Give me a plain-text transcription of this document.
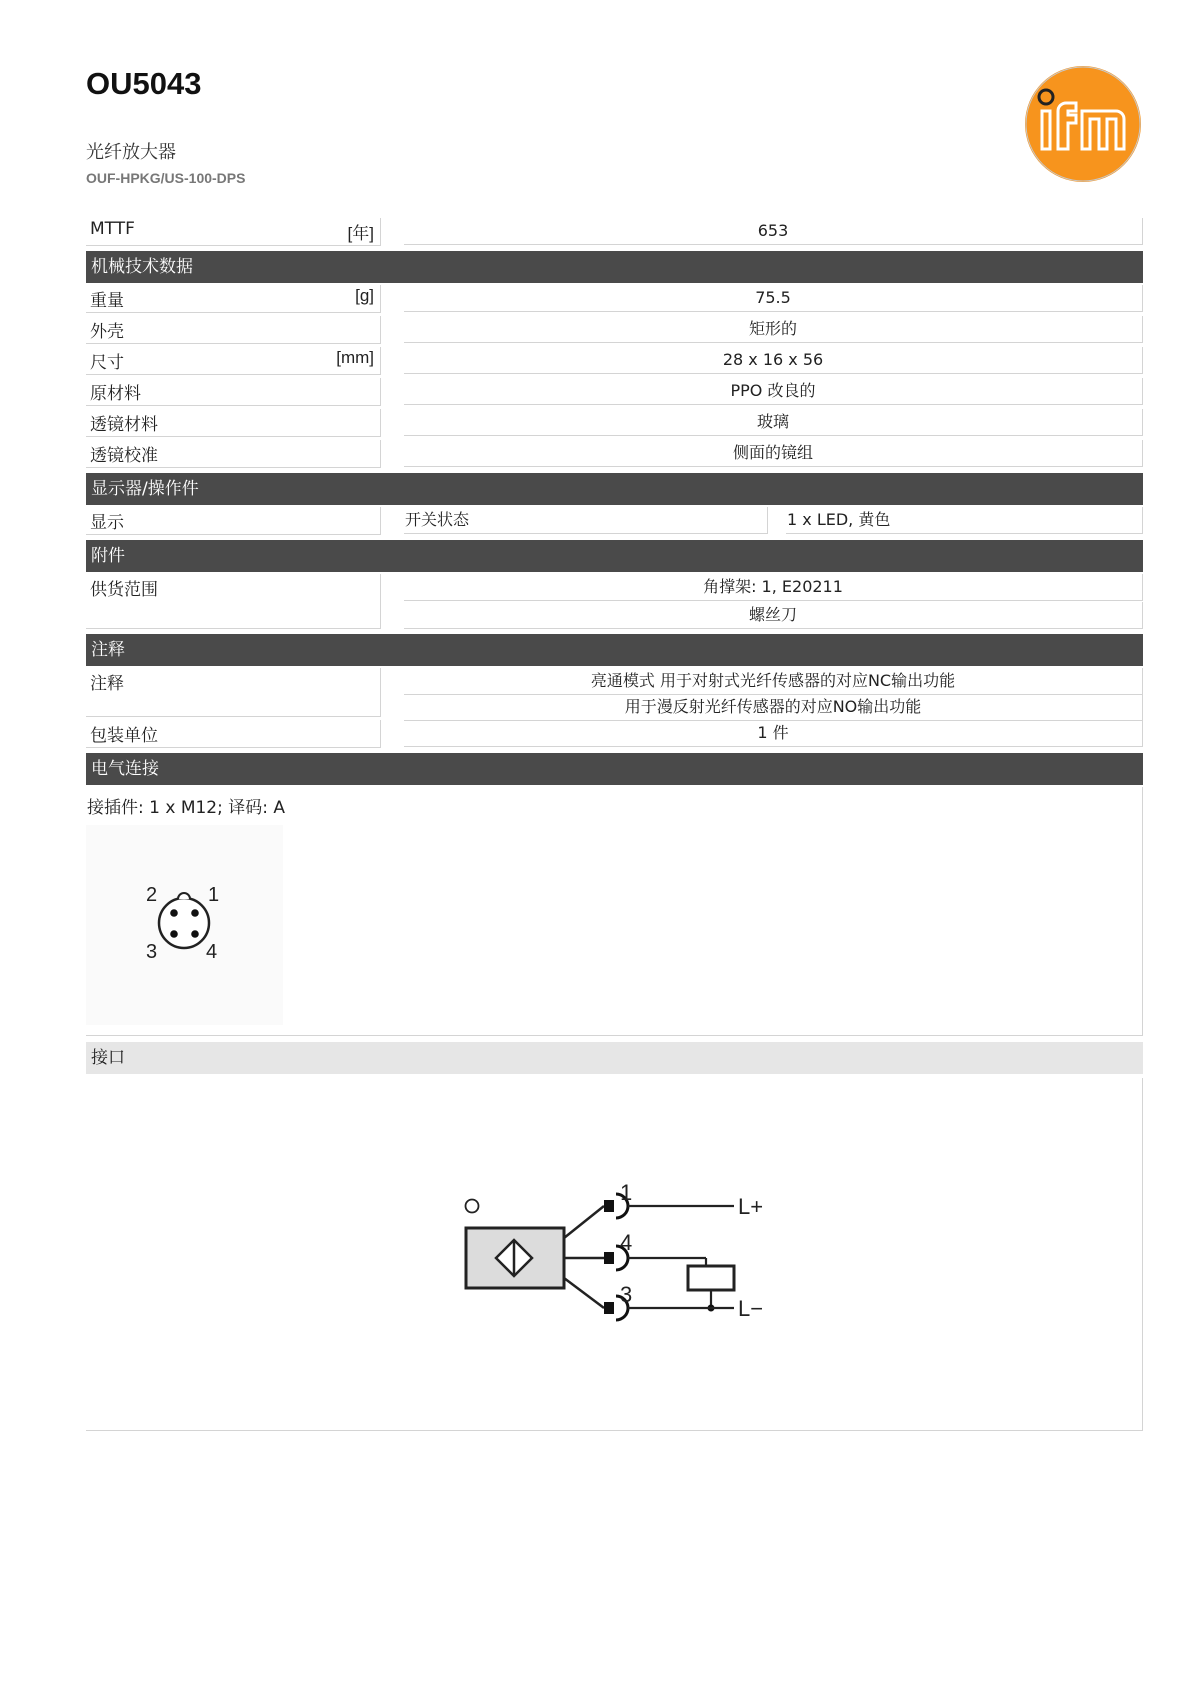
OU5043
光纤放大器
OUF-HPKG/US-100-DPS
MTTF	[年]	653
机械技术数据
重量	[g]	75.5
外壳	矩形的
尺寸	[mm]	28 x 16 x 56
原材料	PPO 改良的
透镜材料	玻璃
透镜校准	侧面的镜组
显示器/操作件
显示	开关状态	1 x LED, 黄色
附件
供货范围	角撑架: 1, E20211
螺丝刀
注释
注释	亮通模式 用于对射式光纤传感器的对应NC输出功能
用于漫反射光纤传感器的对应NO输出功能
包装单位	1 件
电气连接
接插件: 1 x M12; 译码: A
2	1
3 4
接口
1
4
3
L+
L−
